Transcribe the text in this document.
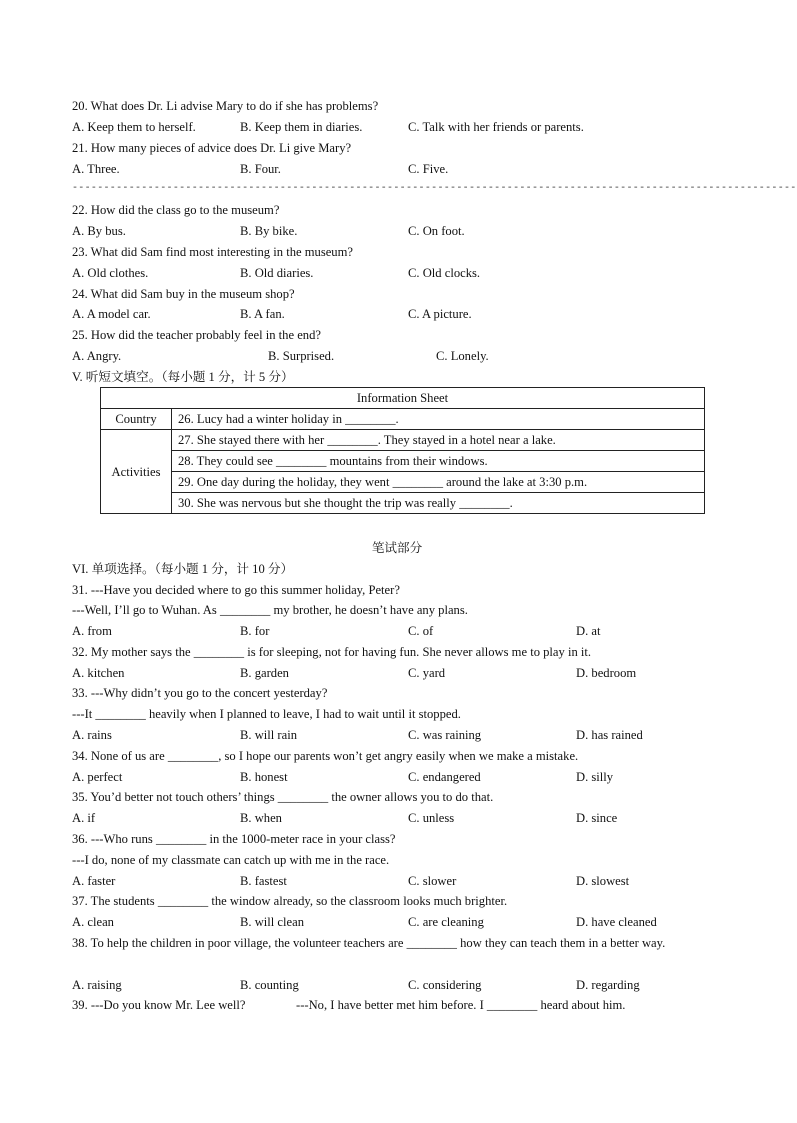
20. What does Dr. Li advise Mary to do if she has problems?
A. Keep them to herself.	B. Keep them in diaries.	C. Talk with her friends or parents.
21. How many pieces of advice does Dr. Li give Mary?
A. Three.	B. Four.	C. Five.
-------------------------------------------------------------------------------------------------------------------
22. How did the class go to the museum?
A. By bus.	B. By bike.	C. On foot.
23. What did Sam find most interesting in the museum?
A. Old clothes.	B. Old diaries.	C. Old clocks.
24. What did Sam buy in the museum shop?
A. A model car.	B. A fan.	C. A picture.
25. How did the teacher probably feel in the end?
A. Angry.	B. Surprised.	C. Lonely.
V. 听短文填空。（每小题 1 分，计 5 分）
Information Sheet	
Country	26. Lucy had a winter holiday in ________.
Activities	27. She stayed there with her ________. They stayed in a hotel near a lake.
	28. They could see ________ mountains from their windows.
	29. One day during the holiday, they went ________ around the lake at 3:30 p.m.
	30. She was nervous but she thought the trip was really ________.
笔试部分
VI. 单项选择。（每小题 1 分，计 10 分）
31. ---Have you decided where to go this summer holiday, Peter?
---Well, I’ll go to Wuhan. As ________ my brother, he doesn’t have any plans.
A. from	B. for	C. of	D. at
32. My mother says the ________ is for sleeping, not for having fun. She never allows me to play in it.
A. kitchen	B. garden	C. yard	D. bedroom
33. ---Why didn’t you go to the concert yesterday?
---It ________ heavily when I planned to leave, I had to wait until it stopped.
A. rains	B. will rain	C. was raining	D. has rained
34. None of us are ________, so I hope our parents won’t get angry easily when we make a mistake.
A. perfect	B. honest	C. endangered	D. silly
35. You’d better not touch others’ things ________ the owner allows you to do that.
A. if	B. when	C. unless	D. since
36. ---Who runs ________ in the 1000-meter race in your class?
---I do, none of my classmate can catch up with me in the race.
A. faster	B. fastest	C. slower	D. slowest
37. The students ________ the window already, so the classroom looks much brighter.
A. clean	B. will clean	C. are cleaning	D. have cleaned
38. To help the children in poor village, the volunteer teachers are ________ how they can teach them in a better way.
A. raising	B. counting	C. considering	D. regarding
39. ---Do you know Mr. Lee well?	---No, I have better met him before. I ________ heard about him.
